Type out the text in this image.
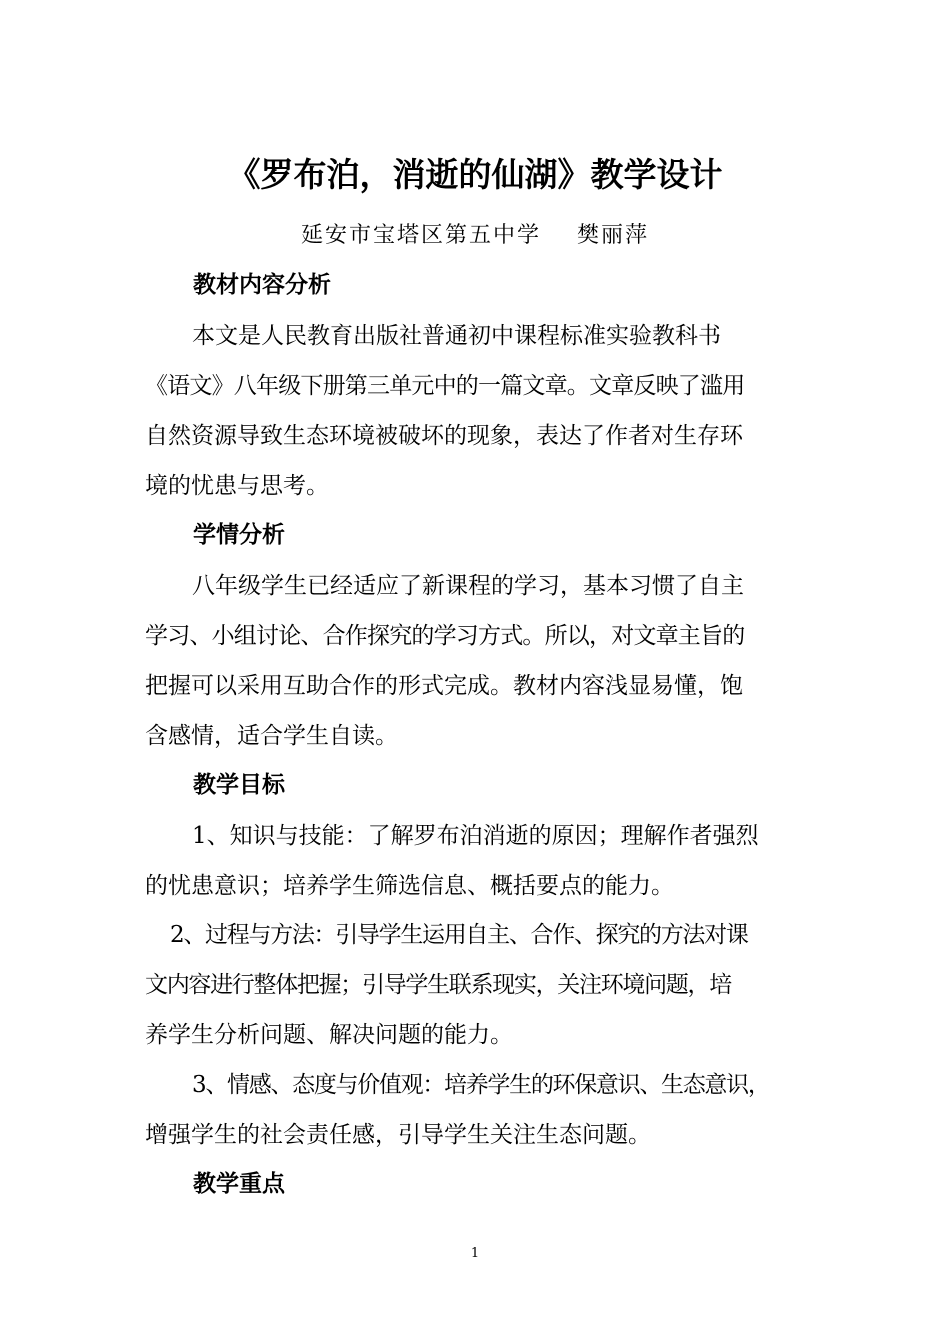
《罗布泊，消逝的仙湖》教学设计
延安市宝塔区第五中学 樊丽萍
教材内容分析
本文是人民教育出版社普通初中课程标准实验教科书
《语文》八年级下册第三单元中的一篇文章。文章反映了滥用
自然资源导致生态环境被破坏的现象，表达了作者对生存环
境的忧患与思考。
学情分析
八年级学生已经适应了新课程的学习，基本习惯了自主
学习、小组讨论、合作探究的学习方式。所以，对文章主旨的
把握可以采用互助合作的形式完成。教材内容浅显易懂，饱
含感情，适合学生自读。
教学目标
1、知识与技能：了解罗布泊消逝的原因；理解作者强烈
的忧患意识；培养学生筛选信息、概括要点的能力。
2、过程与方法：引导学生运用自主、合作、探究的方法对课
文内容进行整体把握；引导学生联系现实，关注环境问题，培
养学生分析问题、解决问题的能力。
3、情感、态度与价值观：培养学生的环保意识、生态意识，
增强学生的社会责任感，引导学生关注生态问题。
教学重点
1
